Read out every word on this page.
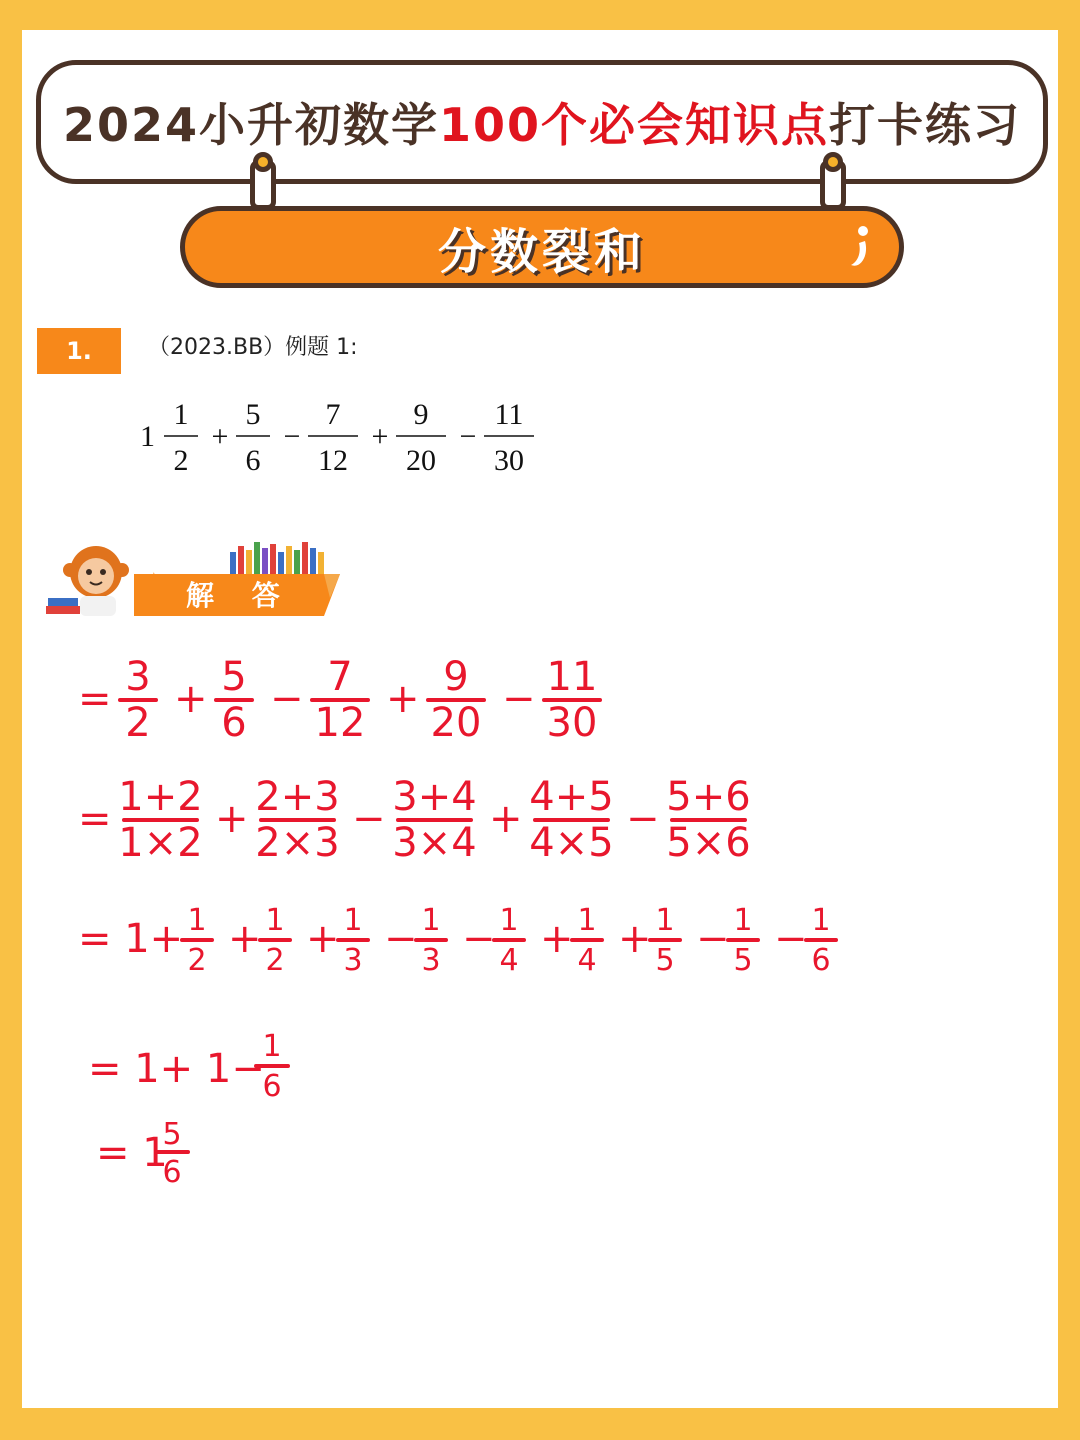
2024小升初数学 100个必会知识点 打卡练习
分数裂和
1.	（2023.BB）例题 1:
1
1
2
+
5
6
−
7
12
+
9
20
−
11
30
✦
解 答
= 3
2
+ 5
6
− 7
12
+ 9
20
− 11
30
= 1+2
1×2
+ 2+3
2×3
− 3+4
3×4
+ 4+5
4×5
− 5+6
5×6
= 1+ 1
2 + 1
2 + 1
3 − 1
3 − 1
4 + 1
4 + 1
5 − 1
5 − 1
6
= 1+ 1−
1
6
= 1
5
6
